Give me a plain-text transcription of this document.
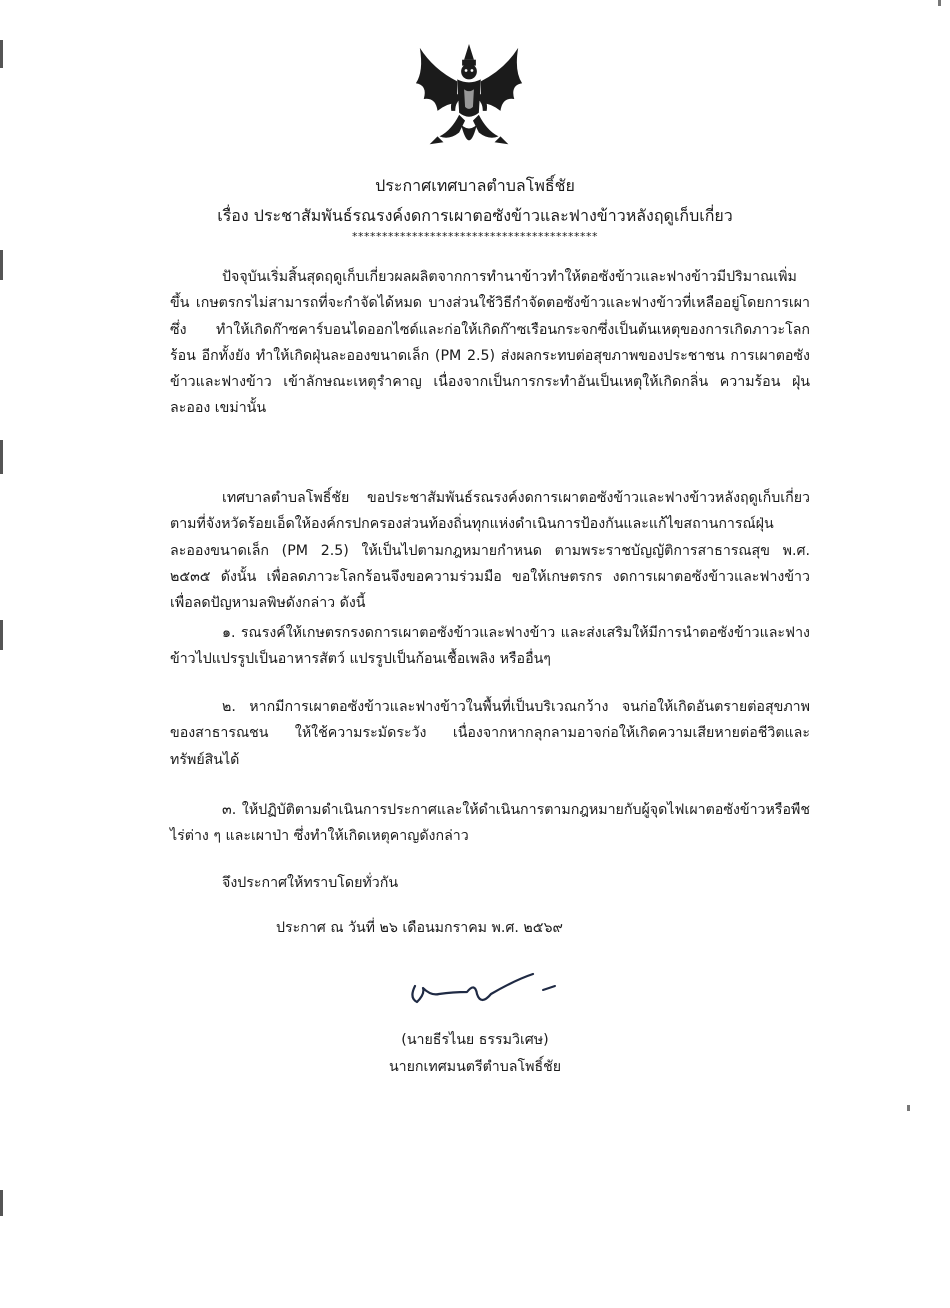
ประกาศเทศบาลตำบลโพธิ์ชัย
เรื่อง ประชาสัมพันธ์รณรงค์งดการเผาตอซังข้าวและฟางข้าวหลังฤดูเก็บเกี่ยว
*****************************************

ปัจจุบันเริ่มสิ้นสุดฤดูเก็บเกี่ยวผลผลิตจากการทำนาข้าวทำให้ตอซังข้าวและฟางข้าวมีปริมาณเพิ่มขึ้น เกษตรกรไม่สามารถที่จะกำจัดได้หมด บางส่วนใช้วิธีกำจัดตอซังข้าวและฟางข้าวที่เหลืออยู่โดยการเผา ซึ่ง ทำให้เกิดก๊าซคาร์บอนไดออกไซด์และก่อให้เกิดก๊าซเรือนกระจกซึ่งเป็นต้นเหตุของการเกิดภาวะโลกร้อน อีกทั้งยัง ทำให้เกิดฝุ่นละอองขนาดเล็ก (PM 2.5) ส่งผลกระทบต่อสุขภาพของประชาชน การเผาตอซังข้าวและฟางข้าว เข้าลักษณะเหตุรำคาญ เนื่องจากเป็นการกระทำอันเป็นเหตุให้เกิดกลิ่น ความร้อน ฝุ่น ละออง เขม่านั้น

เทศบาลตำบลโพธิ์ชัย ขอประชาสัมพันธ์รณรงค์งดการเผาตอซังข้าวและฟางข้าวหลังฤดูเก็บเกี่ยว ตามที่จังหวัดร้อยเอ็ดให้องค์กรปกครองส่วนท้องถิ่นทุกแห่งดำเนินการป้องกันและแก้ไขสถานการณ์ฝุ่นละอองขนาดเล็ก (PM 2.5) ให้เป็นไปตามกฎหมายกำหนด ตามพระราชบัญญัติการสาธารณสุข พ.ศ. ๒๕๓๕ ดังนั้น เพื่อลดภาวะโลกร้อนจึงขอความร่วมมือ ขอให้เกษตรกร งดการเผาตอซังข้าวและฟางข้าว เพื่อลดปัญหามลพิษดังกล่าว ดังนี้

๑. รณรงค์ให้เกษตรกรงดการเผาตอซังข้าวและฟางข้าว และส่งเสริมให้มีการนำตอซังข้าวและฟางข้าวไปแปรรูปเป็นอาหารสัตว์ แปรรูปเป็นก้อนเชื้อเพลิง หรืออื่นๆ

๒. หากมีการเผาตอซังข้าวและฟางข้าวในพื้นที่เป็นบริเวณกว้าง จนก่อให้เกิดอันตรายต่อสุขภาพของสาธารณชน ให้ใช้ความระมัดระวัง เนื่องจากหากลุกลามอาจก่อให้เกิดความเสียหายต่อชีวิตและทรัพย์สินได้

๓. ให้ปฏิบัติตามดำเนินการประกาศและให้ดำเนินการตามกฎหมายกับผู้จุดไฟเผาตอซังข้าวหรือพืชไร่ต่าง ๆ และเผาป่า ซึ่งทำให้เกิดเหตุคาญดังกล่าว

จึงประกาศให้ทราบโดยทั่วกัน
ประกาศ ณ วันที่ ๒๖ เดือนมกราคม พ.ศ. ๒๕๖๙
(นายธีรไนย ธรรมวิเศษ)
นายกเทศมนตรีตำบลโพธิ์ชัย
